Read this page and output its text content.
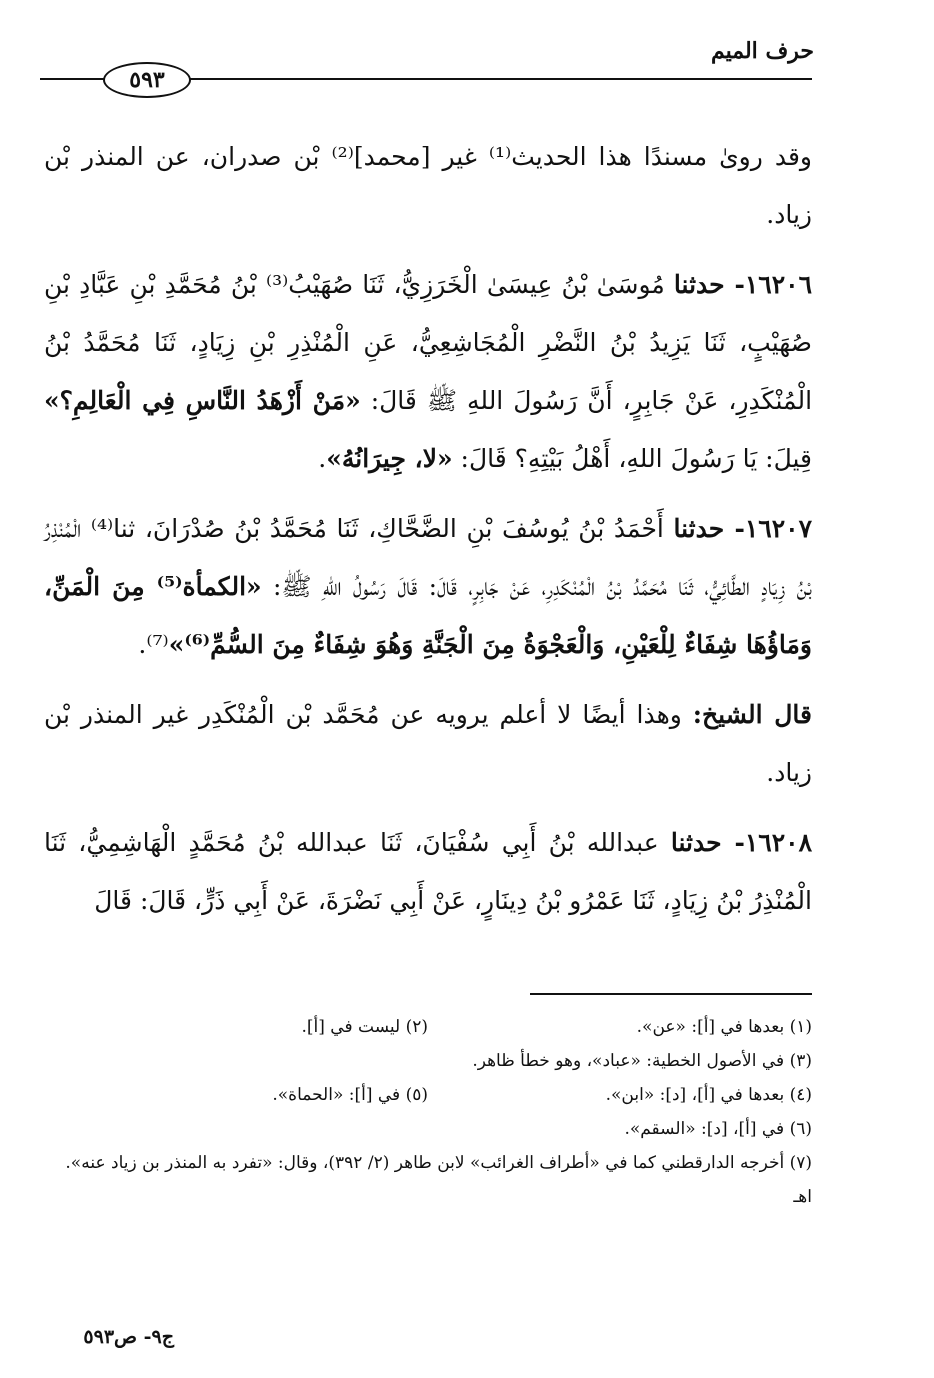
حرف الميم
٥٩٣

وقد روىٰ مسندًا هذا الحديث⁽¹⁾ غير [محمد]⁽²⁾ بْن صدران، عن المنذر بْن زياد.

١٦٢٠٦- حدثنا مُوسَىٰ بْنُ عِيسَىٰ الْخَرَزِيُّ، ثَنَا صُهَيْبُ⁽³⁾ بْنُ مُحَمَّدِ بْنِ عَبَّادِ بْنِ صُهَيْبٍ، ثَنَا يَزِيدُ بْنُ النَّضْرِ الْمُجَاشِعِيُّ، عَنِ الْمُنْذِرِ بْنِ زِيَادٍ، ثَنَا مُحَمَّدُ بْنُ الْمُنْكَدِرِ، عَنْ جَابِرٍ، أَنَّ رَسُولَ اللهِ ﷺ قَالَ: «مَنْ أَزْهَدُ النَّاسِ فِي الْعَالِمِ؟» قِيلَ: يَا رَسُولَ اللهِ، أَهْلُ بَيْتِهِ؟ قَالَ: «لا، جِيرَانُهُ».

١٦٢٠٧- حدثنا أَحْمَدُ بْنُ يُوسُفَ بْنِ الضَّحَّاكِ، ثَنَا مُحَمَّدُ بْنُ صُدْرَانَ، ثنا⁽⁴⁾ الْمُنْذِرُ بْنُ زِيَادٍ الطَّائِيُّ، ثَنَا مُحَمَّدُ بْنُ الْمُنْكَدِرِ، عَنْ جَابِرٍ، قَالَ: قَالَ رَسُولُ اللهِ ﷺ: «الكمأة⁽⁵⁾ مِنَ الْمَنِّ، وَمَاؤُهَا شِفَاءٌ لِلْعَيْنِ، وَالْعَجْوَةُ مِنَ الْجَنَّةِ وَهُوَ شِفَاءٌ مِنَ السُّمِّ⁽⁶⁾»⁽⁷⁾.

قال الشيخ: وهذا أيضًا لا أعلم يرويه عن مُحَمَّد بْن الْمُنْكَدِر غير المنذر بْن زياد.

١٦٢٠٨- حدثنا عبدالله بْنُ أَبِي سُفْيَانَ، ثَنَا عبدالله بْنُ مُحَمَّدٍ الْهَاشِمِيُّ، ثَنَا الْمُنْذِرُ بْنُ زِيَادٍ، ثَنَا عَمْرُو بْنُ دِينَارٍ، عَنْ أَبِي نَضْرَةَ، عَنْ أَبِي ذَرٍّ، قَالَ: قَالَ

(١) بعدها في [أ]: «عن».
(٢) ليست في [أ].
(٣) في الأصول الخطية: «عباد»، وهو خطأ ظاهر.
(٤) بعدها في [أ]، [د]: «ابن».
(٥) في [أ]: «الحماة».
(٦) في [أ]، [د]: «السقم».
(٧) أخرجه الدارقطني كما في «أطراف الغرائب» لابن طاهر (٢/ ٣٩٢)، وقال: «تفرد به المنذر بن زياد عنه». اهـ
ج٩- ص٥٩٣
